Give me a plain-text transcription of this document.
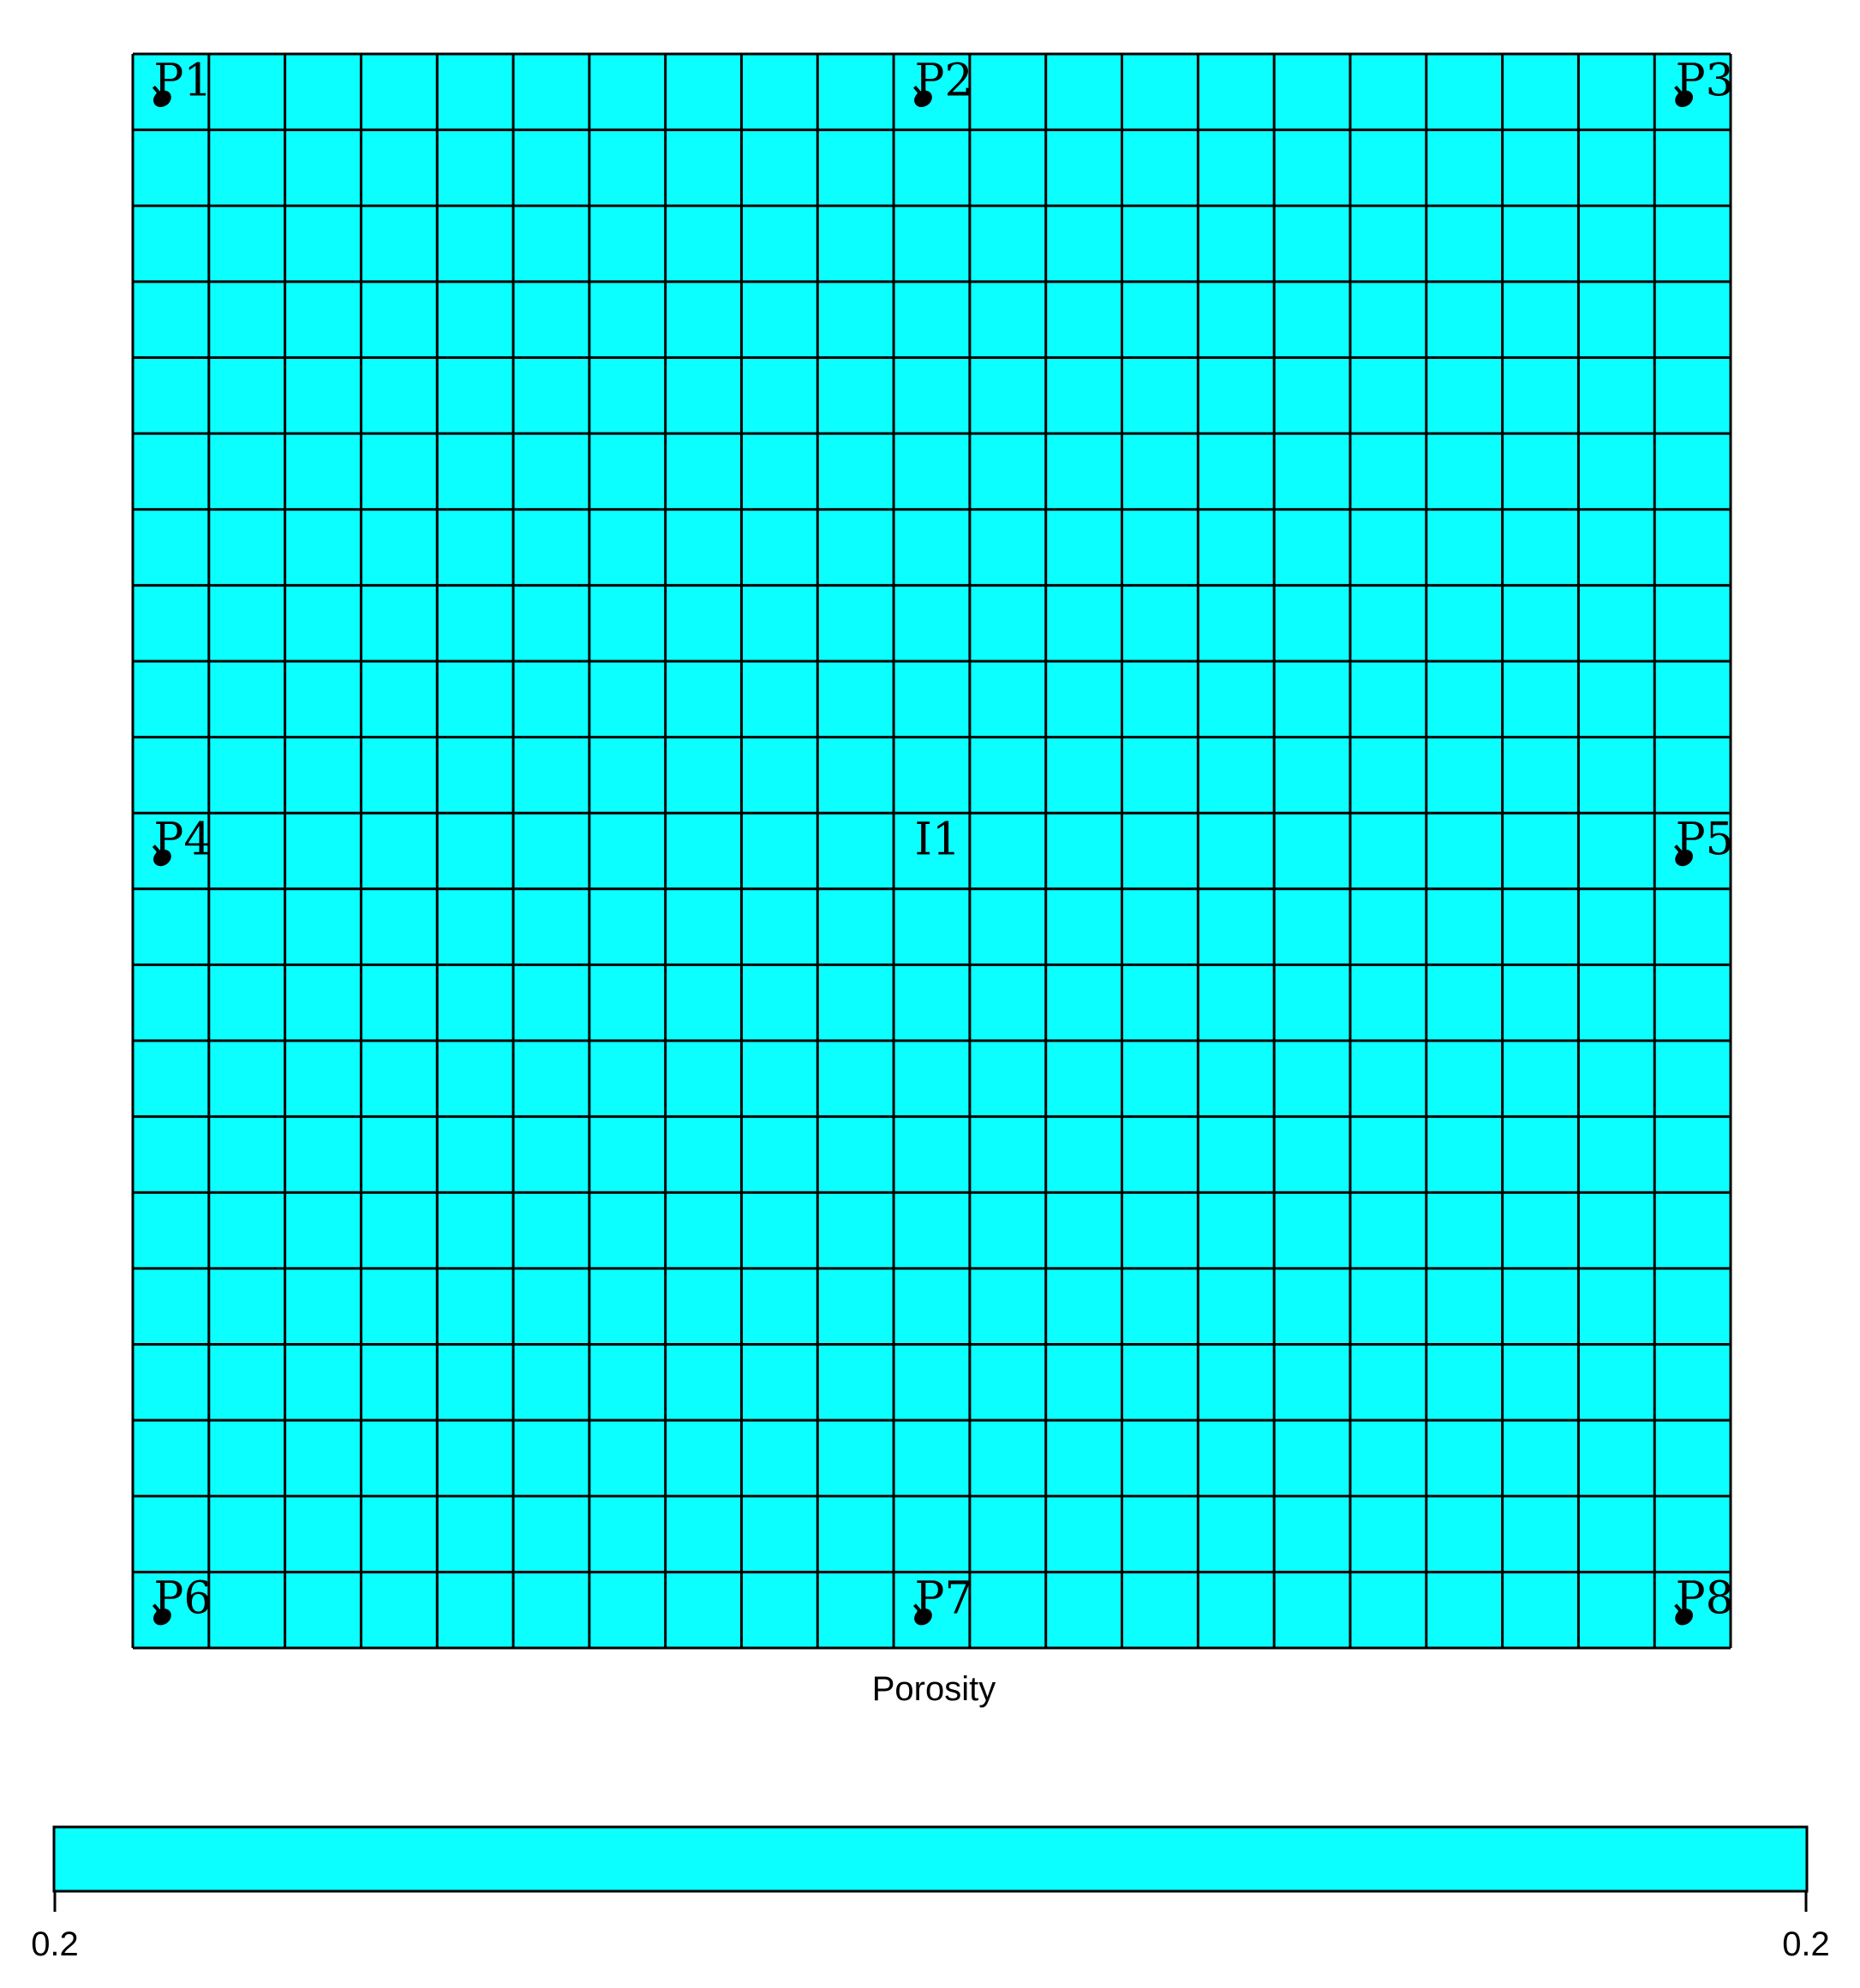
P1	P2	P3
P4	I1	P5
P6	P7	P8
Porosity
0.2	0.2
